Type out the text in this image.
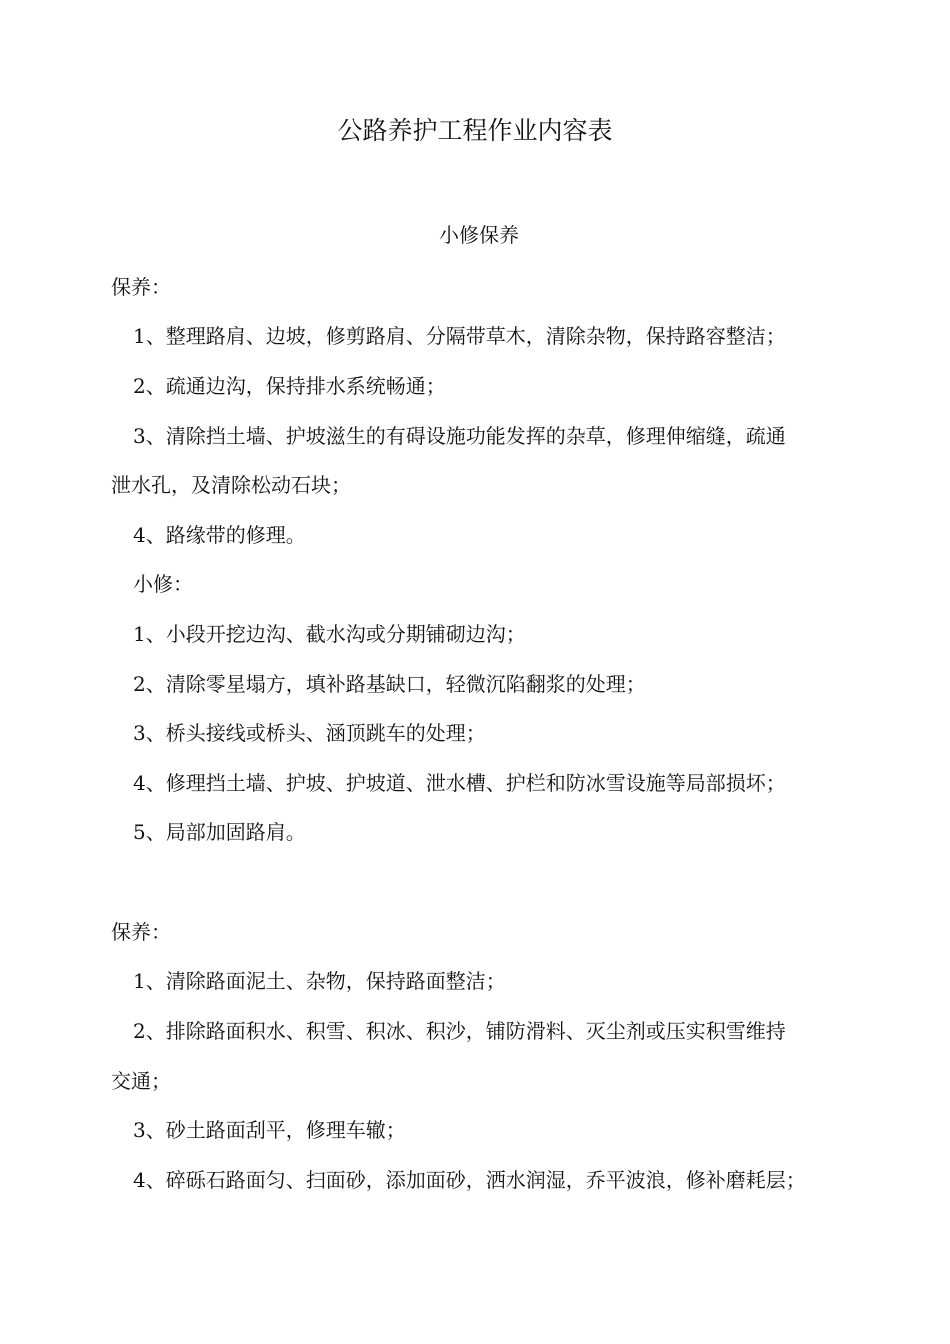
公路养护工程作业内容表
小修保养

保养：

1、整理路肩、边坡，修剪路肩、分隔带草木，清除杂物，保持路容整洁；

2、疏通边沟，保持排水系统畅通；

3、清除挡土墙、护坡滋生的有碍设施功能发挥的杂草，修理伸缩缝，疏通

泄水孔，及清除松动石块；

4、路缘带的修理。

小修：

1、小段开挖边沟、截水沟或分期铺砌边沟；

2、清除零星塌方，填补路基缺口，轻微沉陷翻浆的处理；

3、桥头接线或桥头、涵顶跳车的处理；

4、修理挡土墙、护坡、护坡道、泄水槽、护栏和防冰雪设施等局部损坏；

5、局部加固路肩。

保养：

1、清除路面泥土、杂物，保持路面整洁；

2、排除路面积水、积雪、积冰、积沙，铺防滑料、灭尘剂或压实积雪维持

交通；

3、砂土路面刮平，修理车辙；

4、碎砾石路面匀、扫面砂，添加面砂，洒水润湿，乔平波浪，修补磨耗层；
